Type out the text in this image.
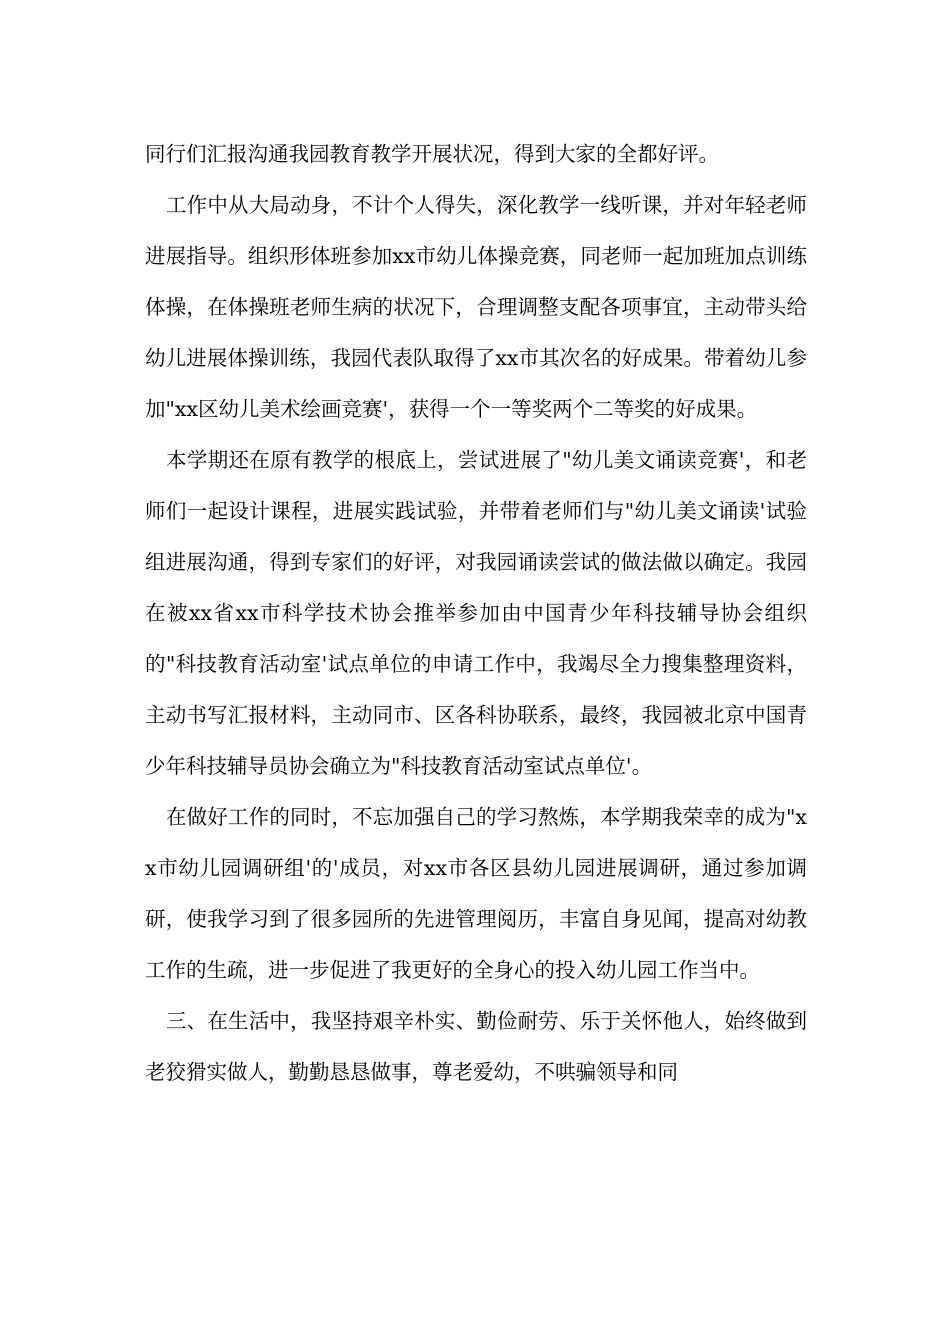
同行们汇报沟通我园教育教学开展状况，得到大家的全都好评。

工作中从大局动身，不计个人得失，深化教学一线听课，并对年轻老师进展指导。组织形体班参加xx市幼儿体操竞赛，同老师一起加班加点训练体操，在体操班老师生病的状况下，合理调整支配各项事宜，主动带头给幼儿进展体操训练，我园代表队取得了xx市其次名的好成果。带着幼儿参加"xx区幼儿美术绘画竞赛'，获得一个一等奖两个二等奖的好成果。

本学期还在原有教学的根底上，尝试进展了"幼儿美文诵读竞赛'，和老师们一起设计课程，进展实践试验，并带着老师们与"幼儿美文诵读'试验组进展沟通，得到专家们的好评，对我园诵读尝试的做法做以确定。我园在被xx省xx市科学技术协会推举参加由中国青少年科技辅导协会组织的"科技教育活动室'试点单位的申请工作中，我竭尽全力搜集整理资料，主动书写汇报材料，主动同市、区各科协联系，最终，我园被北京中国青少年科技辅导员协会确立为"科技教育活动室试点单位'。

在做好工作的同时，不忘加强自己的学习熬炼，本学期我荣幸的成为"xx市幼儿园调研组'的'成员，对xx市各区县幼儿园进展调研，通过参加调研，使我学习到了很多园所的先进管理阅历，丰富自身见闻，提高对幼教工作的生疏，进一步促进了我更好的全身心的投入幼儿园工作当中。

三、在生活中，我坚持艰辛朴实、勤俭耐劳、乐于关怀他人，始终做到老狡猾实做人，勤勤恳恳做事，尊老爱幼，不哄骗领导和同
